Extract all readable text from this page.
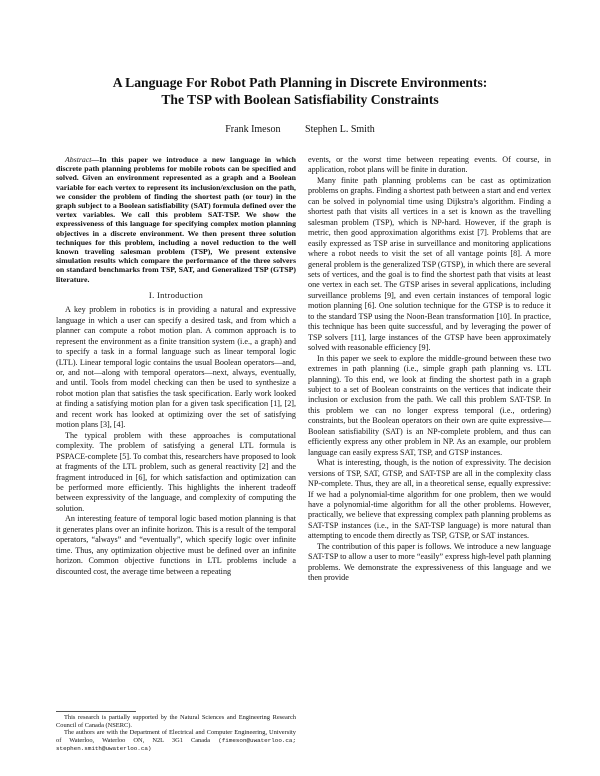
A Language For Robot Path Planning in Discrete Environments:
The TSP with Boolean Satisfiability Constraints
Frank Imeson Stephen L. Smith

Abstract—In this paper we introduce a new language in which discrete path planning problems for mobile robots can be specified and solved. Given an environment represented as a graph and a Boolean variable for each vertex to represent its inclusion/exclusion on the path, we consider the problem of finding the shortest path (or tour) in the graph subject to a Boolean satisfiability (SAT) formula defined over the vertex variables. We call this problem SAT-TSP. We show the expressiveness of this language for specifying complex motion planning objectives in a discrete environment. We then present three solution techniques for this problem, including a novel reduction to the well known traveling salesman problem (TSP), We present extensive simulation results which compare the performance of the three solvers on standard benchmarks from TSP, SAT, and Generalized TSP (GTSP) literature.

I. Introduction

A key problem in robotics is in providing a natural and expressive language in which a user can specify a desired task, and from which a planner can compute a robot motion plan. A common approach is to represent the environment as a finite transition system (i.e., a graph) and to specify a task in a formal language such as linear temporal logic (LTL). Linear temporal logic contains the usual Boolean operators—and, or, and not—along with temporal operators—next, always, eventually, and until. Tools from model checking can then be used to synthesize a robot motion plan that satisfies the task specification. Early work looked at finding a satisfying motion plan for a given task specification [1], [2], and recent work has looked at optimizing over the set of satisfying motion plans [3], [4].

The typical problem with these approaches is computational complexity. The problem of satisfying a general LTL formula is PSPACE-complete [5]. To combat this, researchers have proposed to look at fragments of the LTL problem, such as general reactivity [2] and the fragment introduced in [6], for which satisfaction and optimization can be performed more efficiently. This highlights the inherent tradeoff between expressivity of the language, and complexity of computing the solution.

An interesting feature of temporal logic based motion planning is that it generates plans over an infinite horizon. This is a result of the temporal operators, “always” and “eventually”, which specify logic over infinite time. Thus, any optimization objective must be defined over an infinite horizon. Common objective functions in LTL problems include a discounted cost, the average time between a repeating

events, or the worst time between repeating events. Of course, in application, robot plans will be finite in duration.

Many finite path planning problems can be cast as optimization problems on graphs. Finding a shortest path between a start and end vertex can be solved in polynomial time using Dijkstra’s algorithm. Finding a shortest path that visits all vertices in a set is known as the travelling salesman problem (TSP), which is NP-hard. However, if the graph is metric, then good approximation algorithms exist [7]. Problems that are easily expressed as TSP arise in surveillance and monitoring applications where a robot needs to visit the set of all vantage points [8]. A more general problem is the generalized TSP (GTSP), in which there are several sets of vertices, and the goal is to find the shortest path that visits at least one vertex in each set. The GTSP arises in several applications, including surveillance problems [9], and even certain instances of temporal logic motion planning [6]. One solution technique for the GTSP is to reduce it to the standard TSP using the Noon-Bean transformation [10]. In practice, this technique has been quite successful, and by leveraging the power of TSP solvers [11], large instances of the GTSP have been approximately solved with reasonable efficiency [9].

In this paper we seek to explore the middle-ground between these two extremes in path planning (i.e., simple graph path planning vs. LTL planning). To this end, we look at finding the shortest path in a graph subject to a set of Boolean constraints on the vertices that indicate their inclusion or exclusion from the path. We call this problem SAT-TSP. In this problem we can no longer express temporal (i.e., ordering) constraints, but the Boolean operators on their own are quite expressive—Boolean satisfiability (SAT) is an NP-complete problem, and thus can efficiently express any other problem in NP. As an example, our problem language can easily express SAT, TSP, and GTSP instances.

What is interesting, though, is the notion of expressivity. The decision versions of TSP, SAT, GTSP, and SAT-TSP are all in the complexity class NP-complete. Thus, they are all, in a theoretical sense, equally expressive: If we had a polynomial-time algorithm for one problem, then we would have a polynomial-time algorithm for all the other problems. However, practically, we believe that expressing complex path planning problems as SAT-TSP instances (i.e., in the SAT-TSP language) is more natural than attempting to encode them directly as TSP, GTSP, or SAT instances.

The contribution of this paper is follows. We introduce a new language SAT-TSP to allow a user to more “easily” express high-level path planning problems. We demonstrate the expressiveness of this language and we then provide

This research is partially supported by the Natural Sciences and Engineering Research Council of Canada (NSERC).

The authors are with the Department of Electrical and Computer Engineering, University of Waterloo, Waterloo ON, N2L 3G1 Canada (fimeson@uwaterloo.ca; stephen.smith@uwaterloo.ca)
